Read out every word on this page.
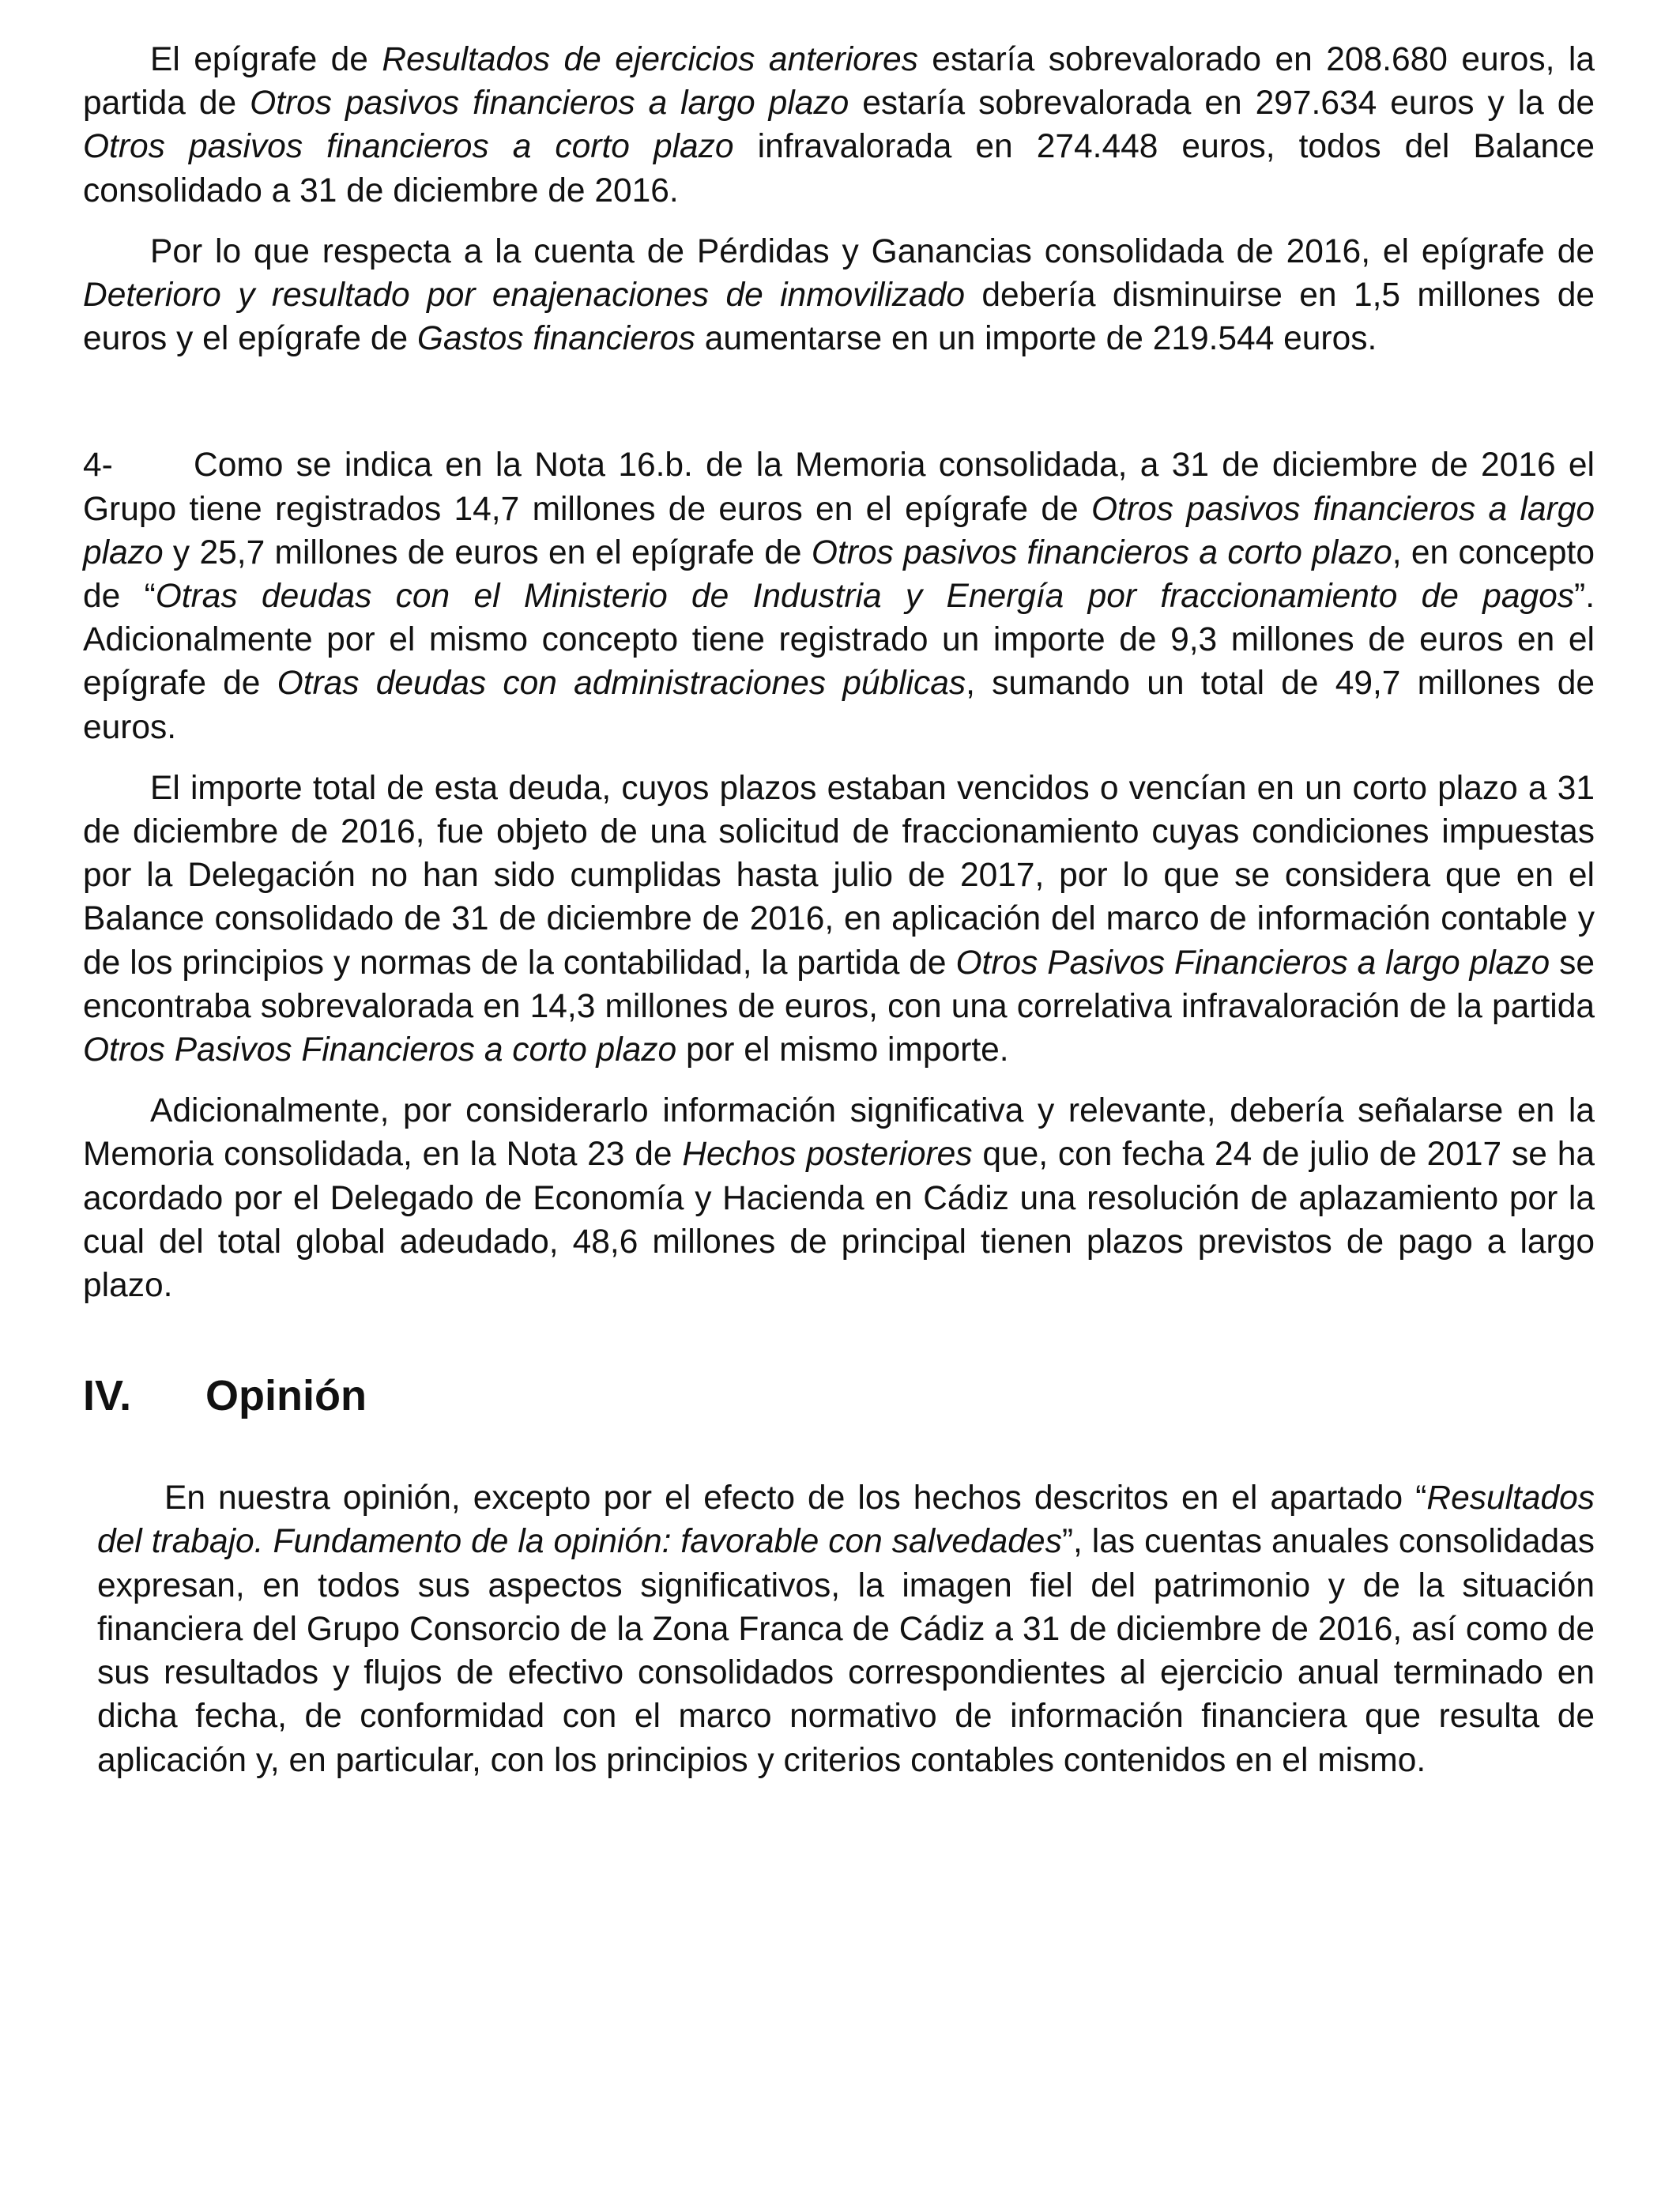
El epígrafe de Resultados de ejercicios anteriores estaría sobrevalorado en 208.680 euros, la partida de Otros pasivos financieros a largo plazo estaría sobrevalorada en 297.634 euros y la de Otros pasivos financieros a corto plazo infravalorada en 274.448 euros, todos del Balance consolidado a 31 de diciembre de 2016.

Por lo que respecta a la cuenta de Pérdidas y Ganancias consolidada de 2016, el epígrafe de Deterioro y resultado por enajenaciones de inmovilizado debería disminuirse en 1,5 millones de euros y el epígrafe de Gastos financieros aumentarse en un importe de 219.544 euros.

4- Como se indica en la Nota 16.b. de la Memoria consolidada, a 31 de diciembre de 2016 el Grupo tiene registrados 14,7 millones de euros en el epígrafe de Otros pasivos financieros a largo plazo y 25,7 millones de euros en el epígrafe de Otros pasivos financieros a corto plazo, en concepto de “Otras deudas con el Ministerio de Industria y Energía por fraccionamiento de pagos”. Adicionalmente por el mismo concepto tiene registrado un importe de 9,3 millones de euros en el epígrafe de Otras deudas con administraciones públicas, sumando un total de 49,7 millones de euros.

El importe total de esta deuda, cuyos plazos estaban vencidos o vencían en un corto plazo a 31 de diciembre de 2016, fue objeto de una solicitud de fraccionamiento cuyas condiciones impuestas por la Delegación no han sido cumplidas hasta julio de 2017, por lo que se considera que en el Balance consolidado de 31 de diciembre de 2016, en aplicación del marco de información contable y de los principios y normas de la contabilidad, la partida de Otros Pasivos Financieros a largo plazo se encontraba sobrevalorada en 14,3 millones de euros, con una correlativa infravaloración de la partida Otros Pasivos Financieros a corto plazo por el mismo importe.

Adicionalmente, por considerarlo información significativa y relevante, debería señalarse en la Memoria consolidada, en la Nota 23 de Hechos posteriores que, con fecha 24 de julio de 2017 se ha acordado por el Delegado de Economía y Hacienda en Cádiz una resolución de aplazamiento por la cual del total global adeudado, 48,6 millones de principal tienen plazos previstos de pago a largo plazo.

IV. Opinión

En nuestra opinión, excepto por el efecto de los hechos descritos en el apartado “Resultados del trabajo. Fundamento de la opinión: favorable con salvedades”, las cuentas anuales consolidadas expresan, en todos sus aspectos significativos, la imagen fiel del patrimonio y de la situación financiera del Grupo Consorcio de la Zona Franca de Cádiz a 31 de diciembre de 2016, así como de sus resultados y flujos de efectivo consolidados correspondientes al ejercicio anual terminado en dicha fecha, de conformidad con el marco normativo de información financiera que resulta de aplicación y, en particular, con los principios y criterios contables contenidos en el mismo.
